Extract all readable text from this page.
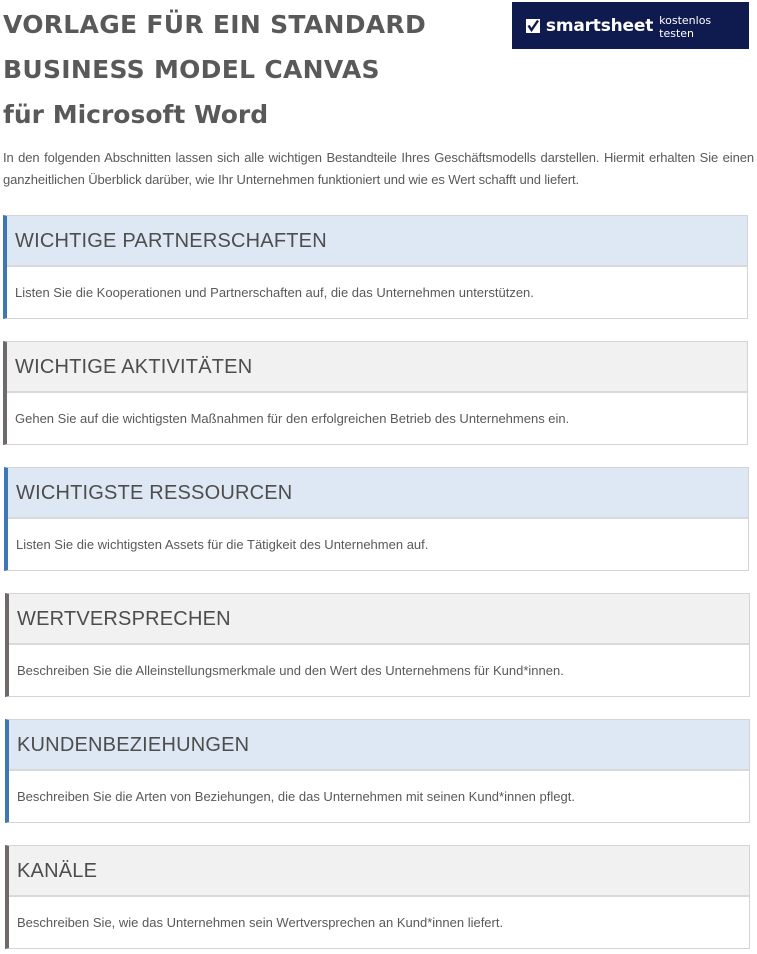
VORLAGE FÜR EIN STANDARD
BUSINESS MODEL CANVAS
für Microsoft Word
smartsheet kostenlos testen

In den folgenden Abschnitten lassen sich alle wichtigen Bestandteile Ihres Geschäftsmodells darstellen. Hiermit erhalten Sie einen ganzheitlichen Überblick darüber, wie Ihr Unternehmen funktioniert und wie es Wert schafft und liefert.

WICHTIGE PARTNERSCHAFTEN
Listen Sie die Kooperationen und Partnerschaften auf, die das Unternehmen unterstützen.
WICHTIGE AKTIVITÄTEN
Gehen Sie auf die wichtigsten Maßnahmen für den erfolgreichen Betrieb des Unternehmens ein.
WICHTIGSTE RESSOURCEN
Listen Sie die wichtigsten Assets für die Tätigkeit des Unternehmen auf.
WERTVERSPRECHEN
Beschreiben Sie die Alleinstellungsmerkmale und den Wert des Unternehmens für Kund*innen.
KUNDENBEZIEHUNGEN
Beschreiben Sie die Arten von Beziehungen, die das Unternehmen mit seinen Kund*innen pflegt.
KANÄLE
Beschreiben Sie, wie das Unternehmen sein Wertversprechen an Kund*innen liefert.
